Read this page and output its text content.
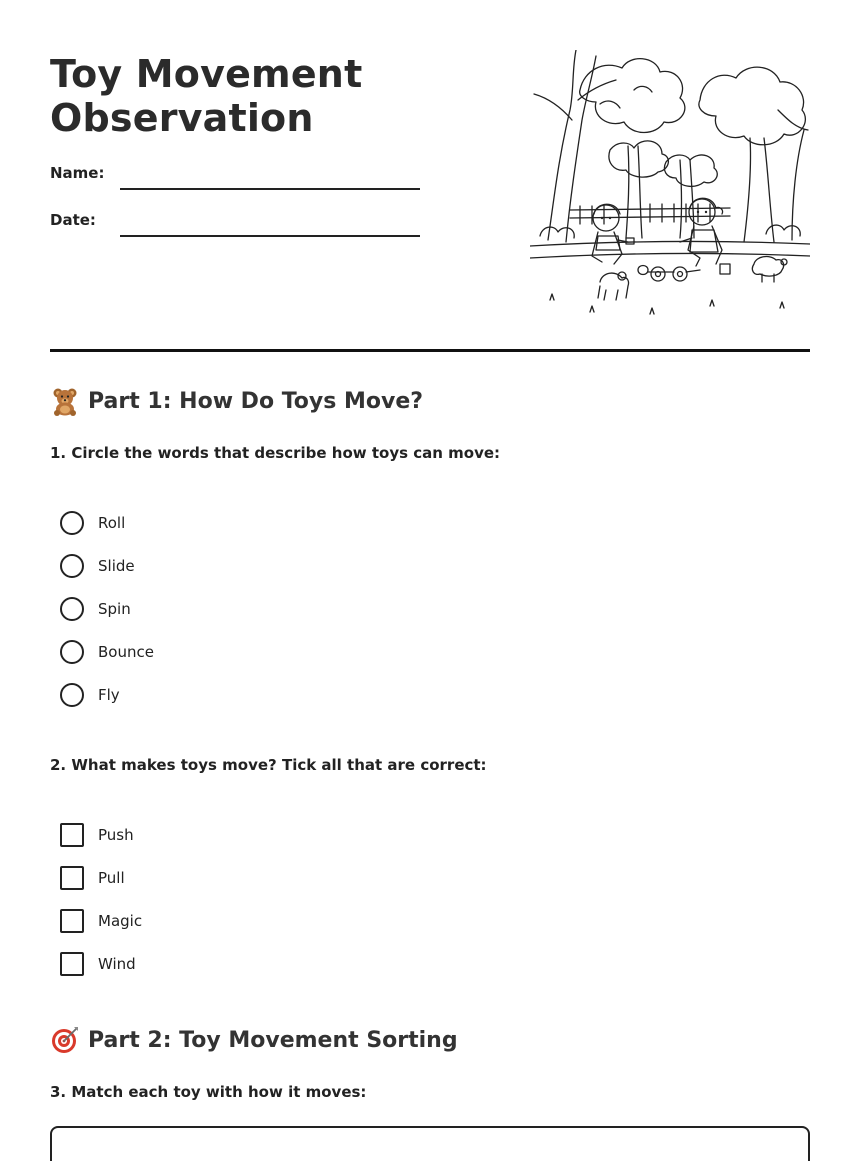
Toy Movement Observation
Name:
Date:
Part 1: How Do Toys Move?
1. Circle the words that describe how toys can move:
Roll
Slide
Spin
Bounce
Fly
2. What makes toys move? Tick all that are correct:
Push
Pull
Magic
Wind
Part 2: Toy Movement Sorting
3. Match each toy with how it moves:
